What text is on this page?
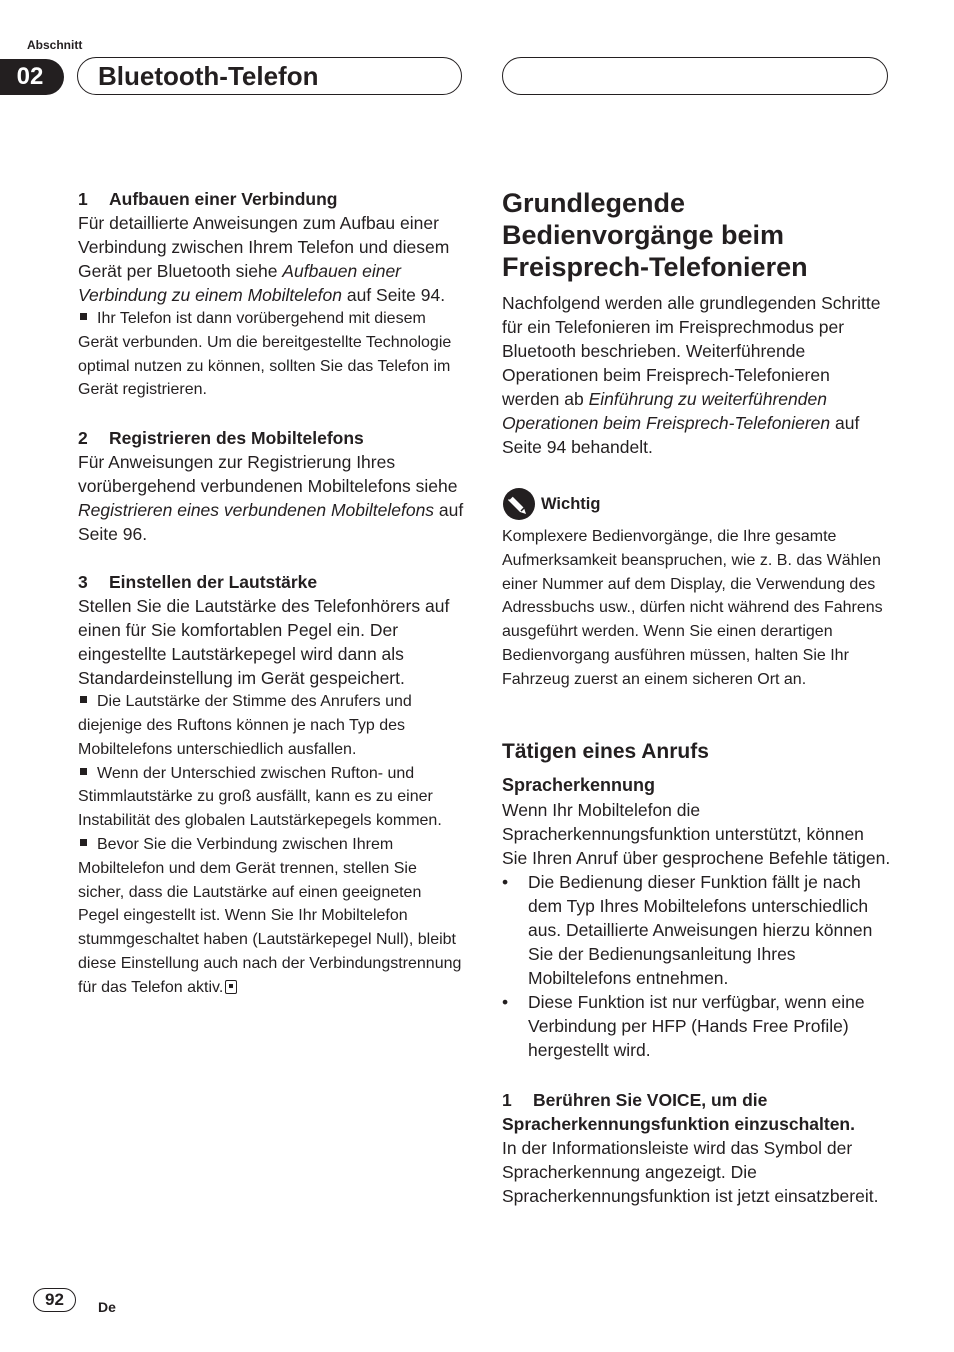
Abschnitt
02	Bluetooth-Telefon
1 Aufbauen einer Verbindung

Für detaillierte Anweisungen zum Aufbau einer Verbindung zwischen Ihrem Telefon und diesem Gerät per Bluetooth siehe Aufbauen einer Verbindung zu einem Mobiltelefon auf Seite 94.

Ihr Telefon ist dann vorübergehend mit diesem Gerät verbunden. Um die bereitgestellte Technologie optimal nutzen zu können, sollten Sie das Telefon im Gerät registrieren.

2 Registrieren des Mobiltelefons

Für Anweisungen zur Registrierung Ihres vorübergehend verbundenen Mobiltelefons siehe Registrieren eines verbundenen Mobiltelefons auf Seite 96.

3 Einstellen der Lautstärke

Stellen Sie die Lautstärke des Telefonhörers auf einen für Sie komfortablen Pegel ein. Der eingestellte Lautstärkepegel wird dann als Standardeinstellung im Gerät gespeichert.

Die Lautstärke der Stimme des Anrufers und diejenige des Ruftons können je nach Typ des Mobiltelefons unterschiedlich ausfallen.

Wenn der Unterschied zwischen Rufton- und Stimmlautstärke zu groß ausfällt, kann es zu einer Instabilität des globalen Lautstärkepegels kommen.

Bevor Sie die Verbindung zwischen Ihrem Mobiltelefon und dem Gerät trennen, stellen Sie sicher, dass die Lautstärke auf einen geeigneten Pegel eingestellt ist. Wenn Sie Ihr Mobiltelefon stummgeschaltet haben (Lautstärkepegel Null), bleibt diese Einstellung auch nach der Verbindungstrennung für das Telefon aktiv.

Grundlegende Bedienvorgänge beim Freisprech-Telefonieren

Nachfolgend werden alle grundlegenden Schritte für ein Telefonieren im Freisprechmodus per Bluetooth beschrieben. Weiterführende Operationen beim Freisprech-Telefonieren werden ab Einführung zu weiterführenden Operationen beim Freisprech-Telefonieren auf Seite 94 behandelt.

Wichtig

Komplexere Bedienvorgänge, die Ihre gesamte Aufmerksamkeit beanspruchen, wie z. B. das Wählen einer Nummer auf dem Display, die Verwendung des Adressbuchs usw., dürfen nicht während des Fahrens ausgeführt werden. Wenn Sie einen derartigen Bedienvorgang ausführen müssen, halten Sie Ihr Fahrzeug zuerst an einem sicheren Ort an.

Tätigen eines Anrufs
Spracherkennung

Wenn Ihr Mobiltelefon die Spracherkennungsfunktion unterstützt, können Sie Ihren Anruf über gesprochene Befehle tätigen.

• Die Bedienung dieser Funktion fällt je nach dem Typ Ihres Mobiltelefons unterschiedlich aus. Detaillierte Anweisungen hierzu können Sie der Bedienungsanleitung Ihres Mobiltelefons entnehmen.

• Diese Funktion ist nur verfügbar, wenn eine Verbindung per HFP (Hands Free Profile) hergestellt wird.

1 Berühren Sie VOICE, um die Spracherkennungsfunktion einzuschalten.

In der Informationsleiste wird das Symbol der Spracherkennung angezeigt. Die Spracherkennungsfunktion ist jetzt einsatzbereit.

92	De
